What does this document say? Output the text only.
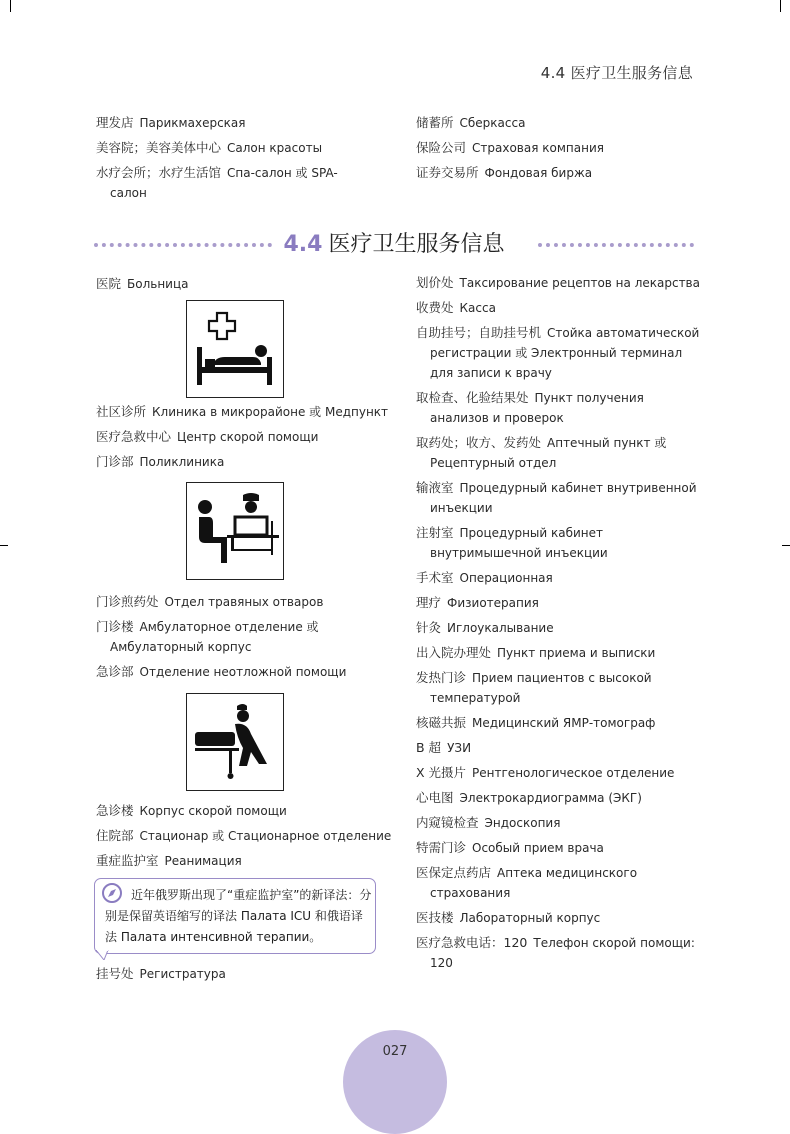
4.4 医疗卫生服务信息
理发店 Парикмахерская
美容院；美容美体中心 Салон красоты
水疗会所；水疗生活馆 Спа-салон 或 SPA-салон
储蓄所 Сберкасса
保险公司 Страховая компания
证券交易所 Фондовая биржа
4.4 医疗卫生服务信息
医院 Больница
社区诊所 Клиника в микрорайоне 或 Медпункт
医疗急救中心 Центр скорой помощи
门诊部 Поликлиника
门诊煎药处 Отдел травяных отваров
门诊楼 Амбулаторное отделение 或 Амбулаторный корпус
急诊部 Отделение неотложной помощи
急诊楼 Корпус скорой помощи
住院部 Стационар 或 Стационарное отделение
重症监护室 Реанимация
近年俄罗斯出现了“重症监护室”的新译法：分别是保留英语缩写的译法 Палата ICU 和俄语译法 Палата интенсивной терапии。
挂号处 Регистратура
划价处 Таксирование рецептов на лекарства
收费处 Касса
自助挂号；自助挂号机 Стойка автоматической регистрации 或 Электронный терминал для записи к врачу
取检查、化验结果处 Пункт получения анализов и проверок
取药处；收方、发药处 Аптечный пункт 或 Рецептурный отдел
输液室 Процедурный кабинет внутривенной инъекции
注射室 Процедурный кабинет внутримышечной инъекции
手术室 Операционная
理疗 Физиотерапия
针灸 Иглоукалывание
出入院办理处 Пункт приема и выписки
发热门诊 Прием пациентов с высокой температурой
核磁共振 Медицинский ЯМР-томограф
B 超 УЗИ
X 光摄片 Рентгенологическое отделение
心电图 Электрокардиограмма (ЭКГ)
内窥镜检查 Эндоскопия
特需门诊 Особый прием врача
医保定点药店 Аптека медицинского страхования
医技楼 Лабораторный корпус
医疗急救电话：120 Телефон скорой помощи: 120
027
